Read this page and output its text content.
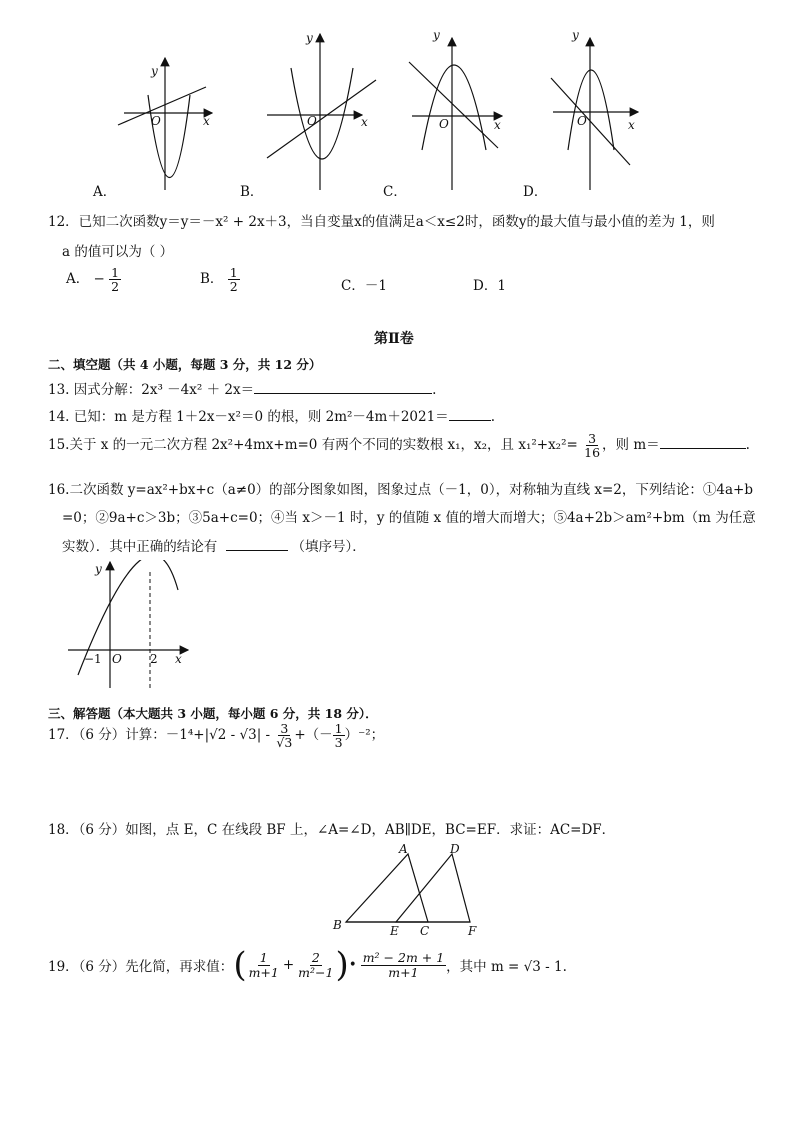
y
x
O
y
x
O
y
x
O
y
x
O
A．	B．	C．	D．
12．已知二次函数y＝y＝－x² + 2x＋3，当自变量x的值满足a＜x≤2时，函数y的最大值与最小值的差为 1，则
a 的值可以为（ ）
A． − $\frac{1}{2}$	B． $\frac{1}{2}$	C．－1	D．1
第Ⅱ卷
二、填空题（共 4 小题，每题 3 分，共 12 分）
13. 因式分解：2x³ －4x² ＋ 2x＝	.
14. 已知：m 是方程 1＋2x－x²＝0 的根，则 2m²－4m＋2021＝	.
15.关于 x 的一元二次方程 2x²+4mx+m=0 有两个不同的实数根 x₁，x₂，且 $x_1^2+x_2^2= \frac{3}{16}$ ，则 m＝	.
16.二次函数 y=ax²+bx+c（a≠0）的部分图象如图，图象过点（－1，0），对称轴为直线 x=2，下列结论：①4a+b
=0；②9a+c＞3b；③5a+c=0；④当 x＞－1 时，y 的值随 x 值的增大而增大；⑤4a+2b＞am²+bm（m 为任意
实数）．其中正确的结论有	（填序号）．
y
x
O
−1	2
三、解答题（本大题共 3 小题，每小题 6 分，共 18 分）．
17．（6 分）计算：$-1^4+|√2 - √3| - \frac{3}{√3}$ +（－ $\frac{1}{3} )^{-2}$；
18．（6 分）如图，点 E，C 在线段 BF 上，∠A=∠D，AB∥DE，BC=EF．求证：AC=DF．
A	D
B	E C	F
19．（6 分）先化简，再求值： ( $\frac{1}{m+1} + \frac{2}{\text{m²−1}}$ ) • $\frac{\text{m² − 2m + 1}}{m+1}$ ，其中 m = √3 - 1.
